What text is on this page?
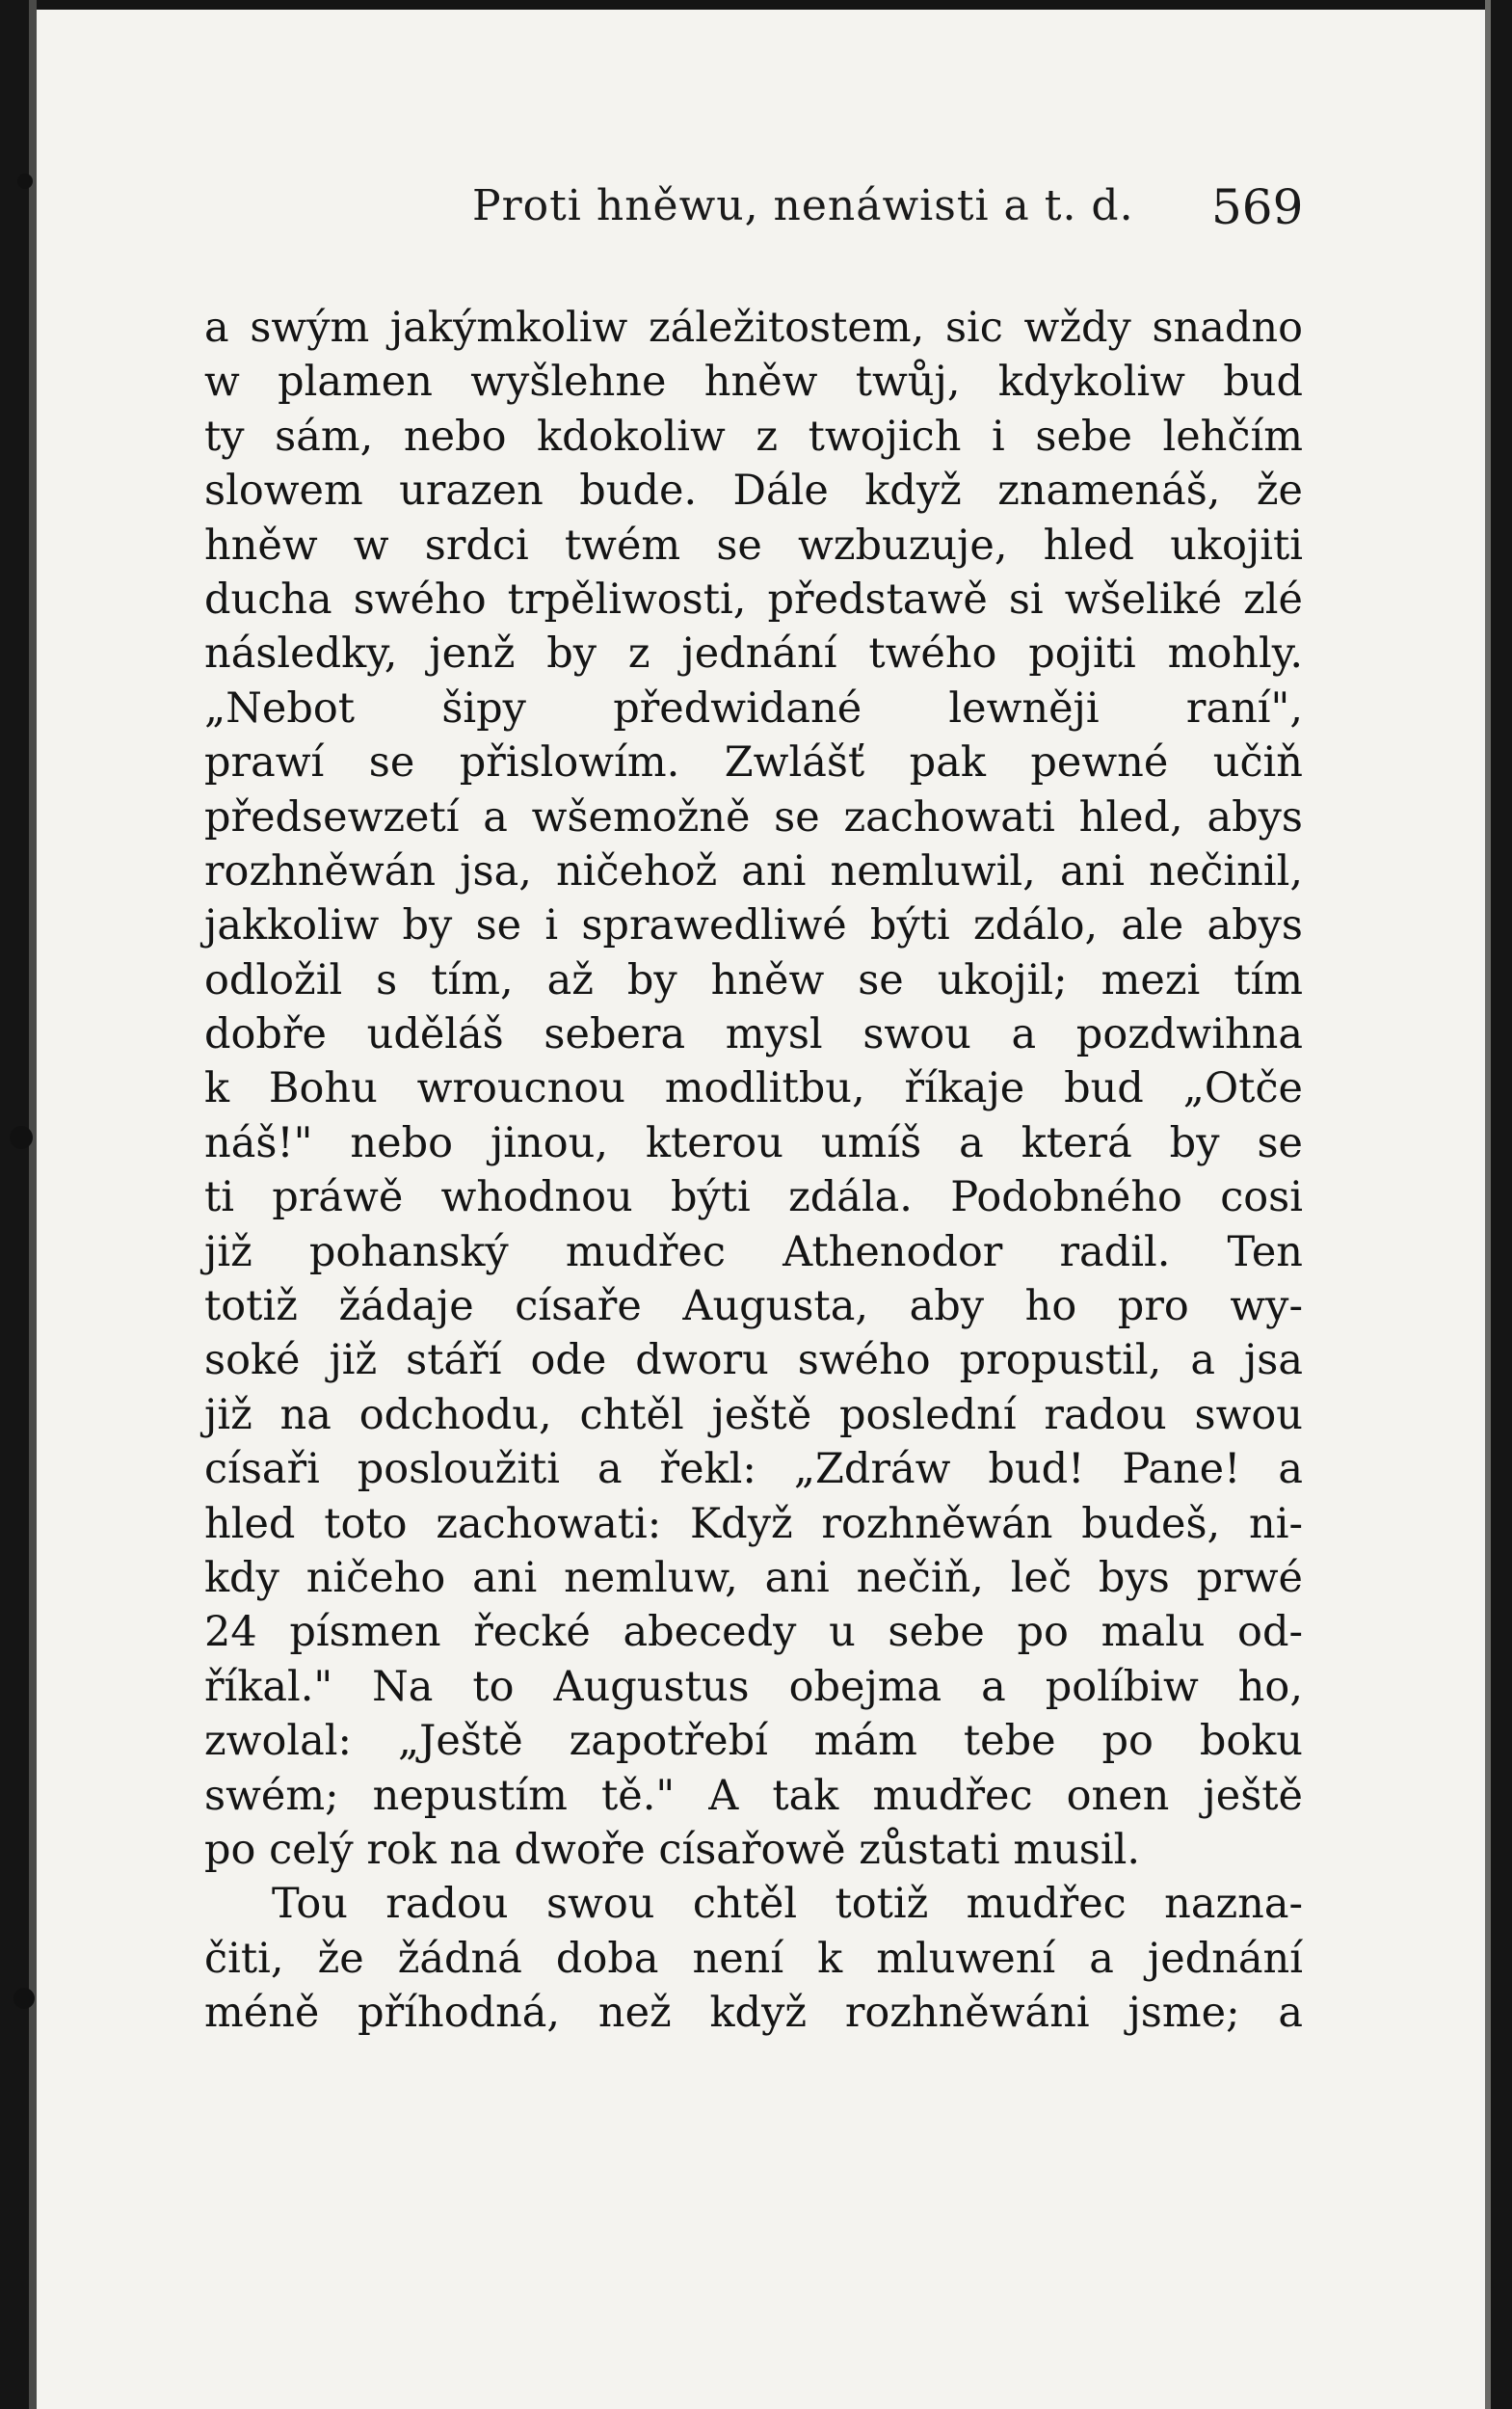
Proti hněwu, nenáwisti a t. d. 569
a swým jakýmkoliw záležitostem, sic wždy snadno
w plamen wyšlehne hněw twůj, kdykoliw bud
ty sám, nebo kdokoliw z twojich i sebe lehčím
slowem urazen bude. Dále když znamenáš, že
hněw w srdci twém se wzbuzuje, hled ukojiti
ducha swého trpěliwosti, předstawě si wšeliké zlé
následky, jenž by z jednání twého pojiti mohly.
„Nebot šipy předwidané lewněji raní",
prawí se přislowím. Zwlášť pak pewné učiň
předsewzetí a wšemožně se zachowati hled, abys
rozhněwán jsa, ničehož ani nemluwil, ani nečinil,
jakkoliw by se i sprawedliwé býti zdálo, ale abys
odložil s tím, až by hněw se ukojil; mezi tím
dobře uděláš sebera mysl swou a pozdwihna
k Bohu wroucnou modlitbu, říkaje bud „Otče
náš!" nebo jinou, kterou umíš a která by se
ti práwě whodnou býti zdála. Podobného cosi
již pohanský mudřec Athenodor radil. Ten
totiž žádaje císaře Augusta, aby ho pro wy-
soké již stáří ode dworu swého propustil, a jsa
již na odchodu, chtěl ještě poslední radou swou
císaři posloužiti a řekl: „Zdráw bud! Pane! a
hled toto zachowati: Když rozhněwán budeš, ni-
kdy ničeho ani nemluw, ani nečiň, leč bys prwé
24 písmen řecké abecedy u sebe po malu od-
říkal." Na to Augustus obejma a políbiw ho,
zwolal: „Ještě zapotřebí mám tebe po boku
swém; nepustím tě." A tak mudřec onen ještě
po celý rok na dwoře císařowě zůstati musil.
Tou radou swou chtěl totiž mudřec nazna-
čiti, že žádná doba není k mluwení a jednání
méně příhodná, než když rozhněwáni jsme; a
